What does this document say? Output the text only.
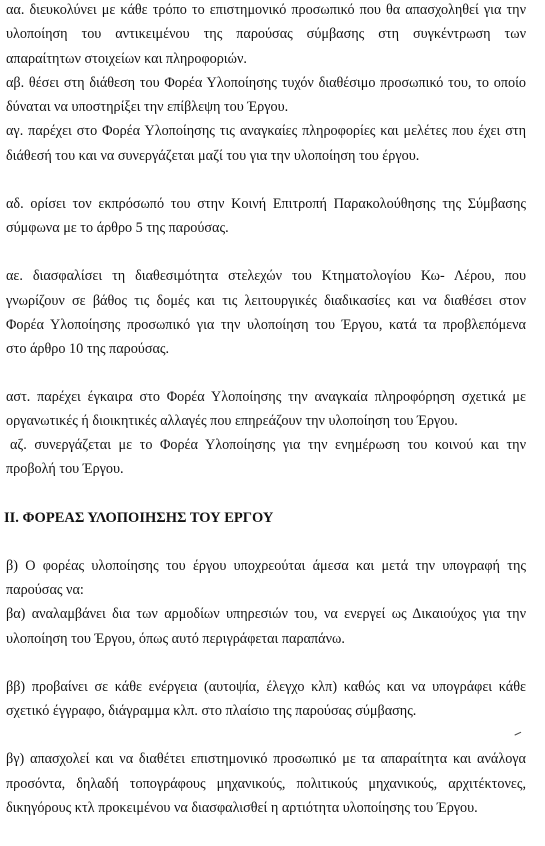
αα. διευκολύνει με κάθε τρόπο το επιστημονικό προσωπικό που θα απασχοληθεί για την
υλοποίηση του αντικειμένου της παρούσας σύμβασης στη συγκέντρωση των
απαραίτητων στοιχείων και πληροφοριών.
αβ. θέσει στη διάθεση του Φορέα Υλοποίησης τυχόν διαθέσιμο προσωπικό του, το οποίο
δύναται να υποστηρίξει την επίβλεψη του Έργου.
αγ. παρέχει στο Φορέα Υλοποίησης τις αναγκαίες πληροφορίες και μελέτες που έχει στη
διάθεσή του και να συνεργάζεται μαζί του για την υλοποίηση του έργου.
αδ. ορίσει τον εκπρόσωπό του στην Κοινή Επιτροπή Παρακολούθησης της Σύμβασης
σύμφωνα με το άρθρο 5 της παρούσας.
αε. διασφαλίσει τη διαθεσιμότητα στελεχών του Κτηματολογίου Κω- Λέρου, που
γνωρίζουν σε βάθος τις δομές και τις λειτουργικές διαδικασίες και να διαθέσει στον
Φορέα Υλοποίησης προσωπικό για την υλοποίηση του Έργου, κατά τα προβλεπόμενα
στο άρθρο 10 της παρούσας.
αστ. παρέχει έγκαιρα στο Φορέα Υλοποίησης την αναγκαία πληροφόρηση σχετικά με
οργανωτικές ή διοικητικές αλλαγές που επηρεάζουν την υλοποίηση του Έργου.
αζ. συνεργάζεται με το Φορέα Υλοποίησης για την ενημέρωση του κοινού και την
προβολή του Έργου.
II. ΦΟΡΕΑΣ ΥΛΟΠΟΙΗΣΗΣ ΤΟΥ ΕΡΓΟΥ
β) Ο φορέας υλοποίησης του έργου υποχρεούται άμεσα και μετά την υπογραφή της
παρούσας να:
βα) αναλαμβάνει δια των αρμοδίων υπηρεσιών του, να ενεργεί ως Δικαιούχος για την
υλοποίηση του Έργου, όπως αυτό περιγράφεται παραπάνω.
ββ) προβαίνει σε κάθε ενέργεια (αυτοψία, έλεγχο κλπ) καθώς και να υπογράφει κάθε
σχετικό έγγραφο, διάγραμμα κλπ. στο πλαίσιο της παρούσας σύμβασης.
βγ) απασχολεί και να διαθέτει επιστημονικό προσωπικό με τα απαραίτητα και ανάλογα
προσόντα, δηλαδή τοπογράφους μηχανικούς, πολιτικούς μηχανικούς, αρχιτέκτονες,
δικηγόρους κτλ προκειμένου να διασφαλισθεί η αρτιότητα υλοποίησης του Έργου.
